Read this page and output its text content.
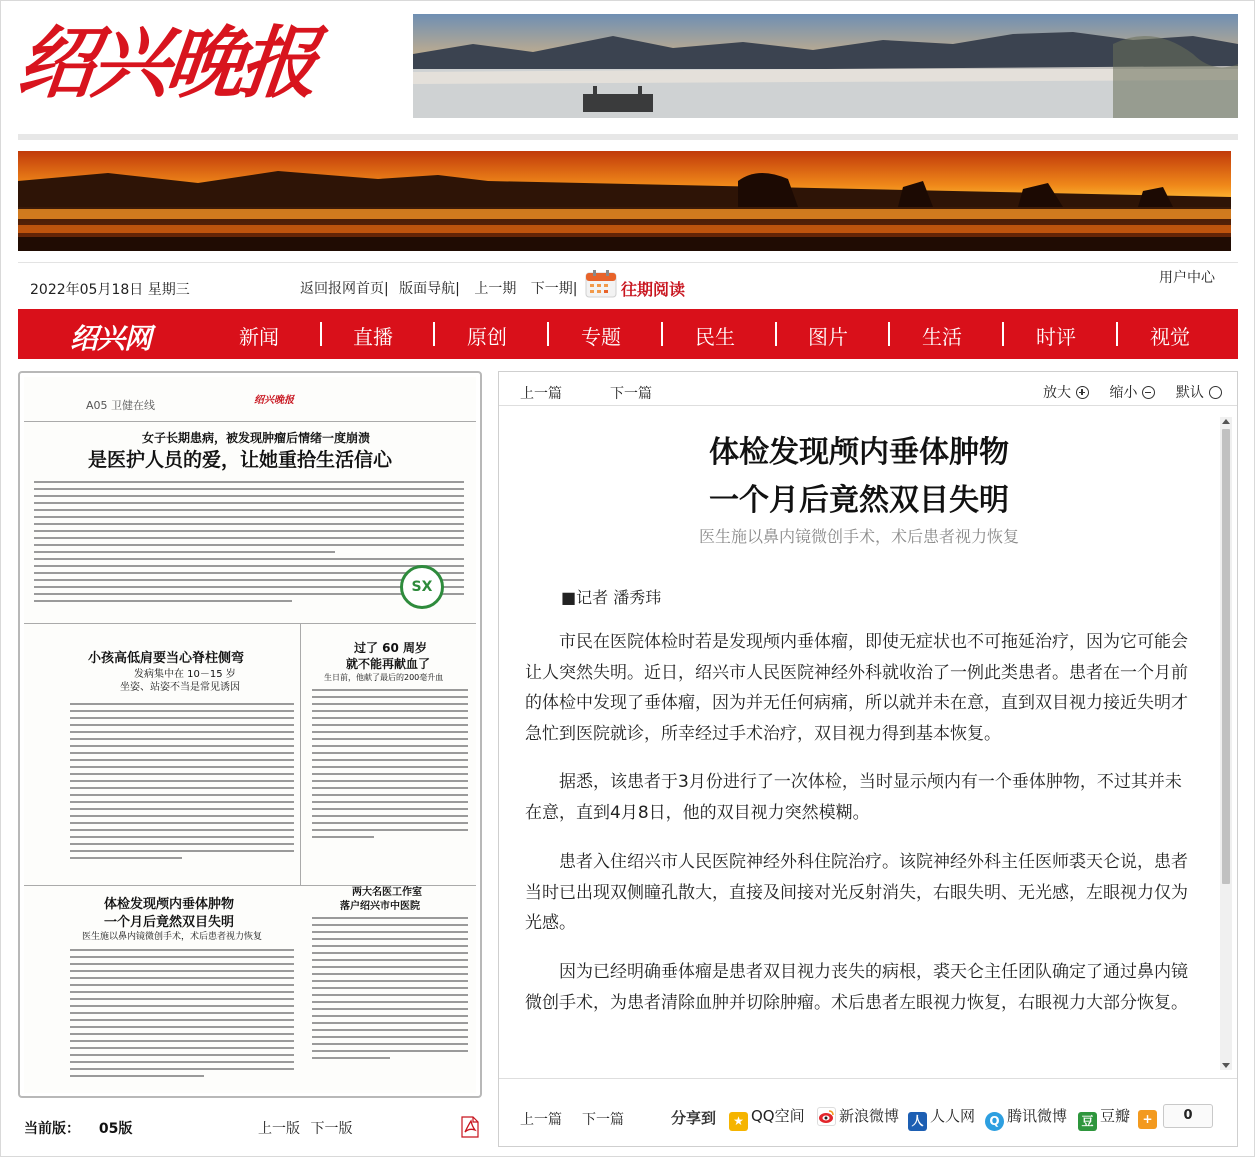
绍兴晚报
2022年05月18日 星期三	返回报网首页| 版面导航| 上一期 下一期|	往期阅读
用户中心
绍兴网	新闻	直播	原创	专题	民生	图片	生活	时评	视觉
A05 卫健在线	绍兴晚报
女子长期患病，被发现肿瘤后情绪一度崩溃
是医护人员的爱，让她重拾生活信心
SX
小孩高低肩要当心脊柱侧弯
发病集中在 10－15 岁
坐姿、站姿不当是常见诱因
过了 60 周岁
就不能再献血了
生日前，他献了最后的200毫升血
体检发现颅内垂体肿物
一个月后竟然双目失明
医生施以鼻内镜微创手术，术后患者视力恢复
两大名医工作室
落户绍兴市中医院
当前版： 05版	上一版 下一版
上一篇	下一篇	放大	缩小	默认
体检发现颅内垂体肿物
一个月后竟然双目失明
医生施以鼻内镜微创手术，术后患者视力恢复
■记者 潘秀玮

市民在医院体检时若是发现颅内垂体瘤，即使无症状也不可拖延治疗，因为它可能会让人突然失明。近日，绍兴市人民医院神经外科就收治了一例此类患者。患者在一个月前的体检中发现了垂体瘤，因为并无任何病痛，所以就并未在意，直到双目视力接近失明才急忙到医院就诊，所幸经过手术治疗，双目视力得到基本恢复。

据悉，该患者于3月份进行了一次体检，当时显示颅内有一个垂体肿物，不过其并未在意，直到4月8日，他的双目视力突然模糊。

患者入住绍兴市人民医院神经外科住院治疗。该院神经外科主任医师裘天仑说，患者当时已出现双侧瞳孔散大，直接及间接对光反射消失，右眼失明、无光感，左眼视力仅为光感。

因为已经明确垂体瘤是患者双目视力丧失的病根，裘天仑主任团队确定了通过鼻内镜微创手术，为患者清除血肿并切除肿瘤。术后患者左眼视力恢复，右眼视力大部分恢复。

上一篇 下一篇	分享到	★ QQ空间	新浪微博 人 人人网	Q 腾讯微博 豆 豆瓣	+	0
